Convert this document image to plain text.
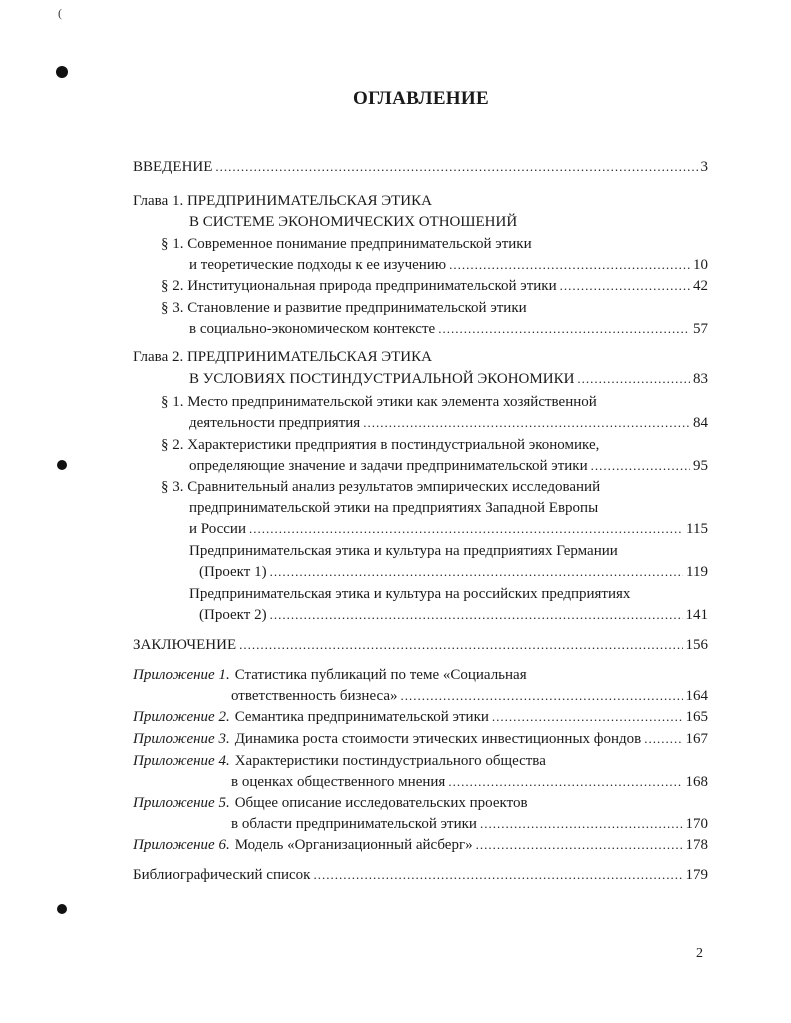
(
ОГЛАВЛЕНИЕ
ВВЕДЕНИЕ .....	3
Глава 1. ПРЕДПРИНИМАТЕЛЬСКАЯ ЭТИКА
В СИСТЕМЕ ЭКОНОМИЧЕСКИХ ОТНОШЕНИЙ
§ 1. Современное понимание предпринимательской этики
и теоретические подходы к ее изучению .....	10
§ 2. Институциональная природа предпринимательской этики .....	42
§ 3. Становление и развитие предпринимательской этики
в социально-экономическом контексте .....	57
Глава 2. ПРЕДПРИНИМАТЕЛЬСКАЯ ЭТИКА
В УСЛОВИЯХ ПОСТИНДУСТРИАЛЬНОЙ ЭКОНОМИКИ .....	83
§ 1. Место предпринимательской этики как элемента хозяйственной
деятельности предприятия .....	84
§ 2. Характеристики предприятия в постиндустриальной экономике,
определяющие значение и задачи предпринимательской этики .....	95
§ 3. Сравнительный анализ результатов эмпирических исследований
предпринимательской этики на предприятиях Западной Европы
и России .....	115
Предпринимательская этика и культура на предприятиях Германии
(Проект 1) .....	119
Предпринимательская этика и культура на российских предприятиях
(Проект 2) .....	141
ЗАКЛЮЧЕНИЕ .....	156
Приложение 1. Статистика публикаций по теме «Социальная
ответственность бизнеса» .....	164
Приложение 2. Семантика предпринимательской этики .....	165
Приложение 3. Динамика роста стоимости этических инвестиционных фондов .....	167
Приложение 4. Характеристики постиндустриального общества
в оценках общественного мнения .....	168
Приложение 5. Общее описание исследовательских проектов
в области предпринимательской этики .....	170
Приложение 6. Модель «Организационный айсберг» .....	178
Библиографический список .....	179
2
